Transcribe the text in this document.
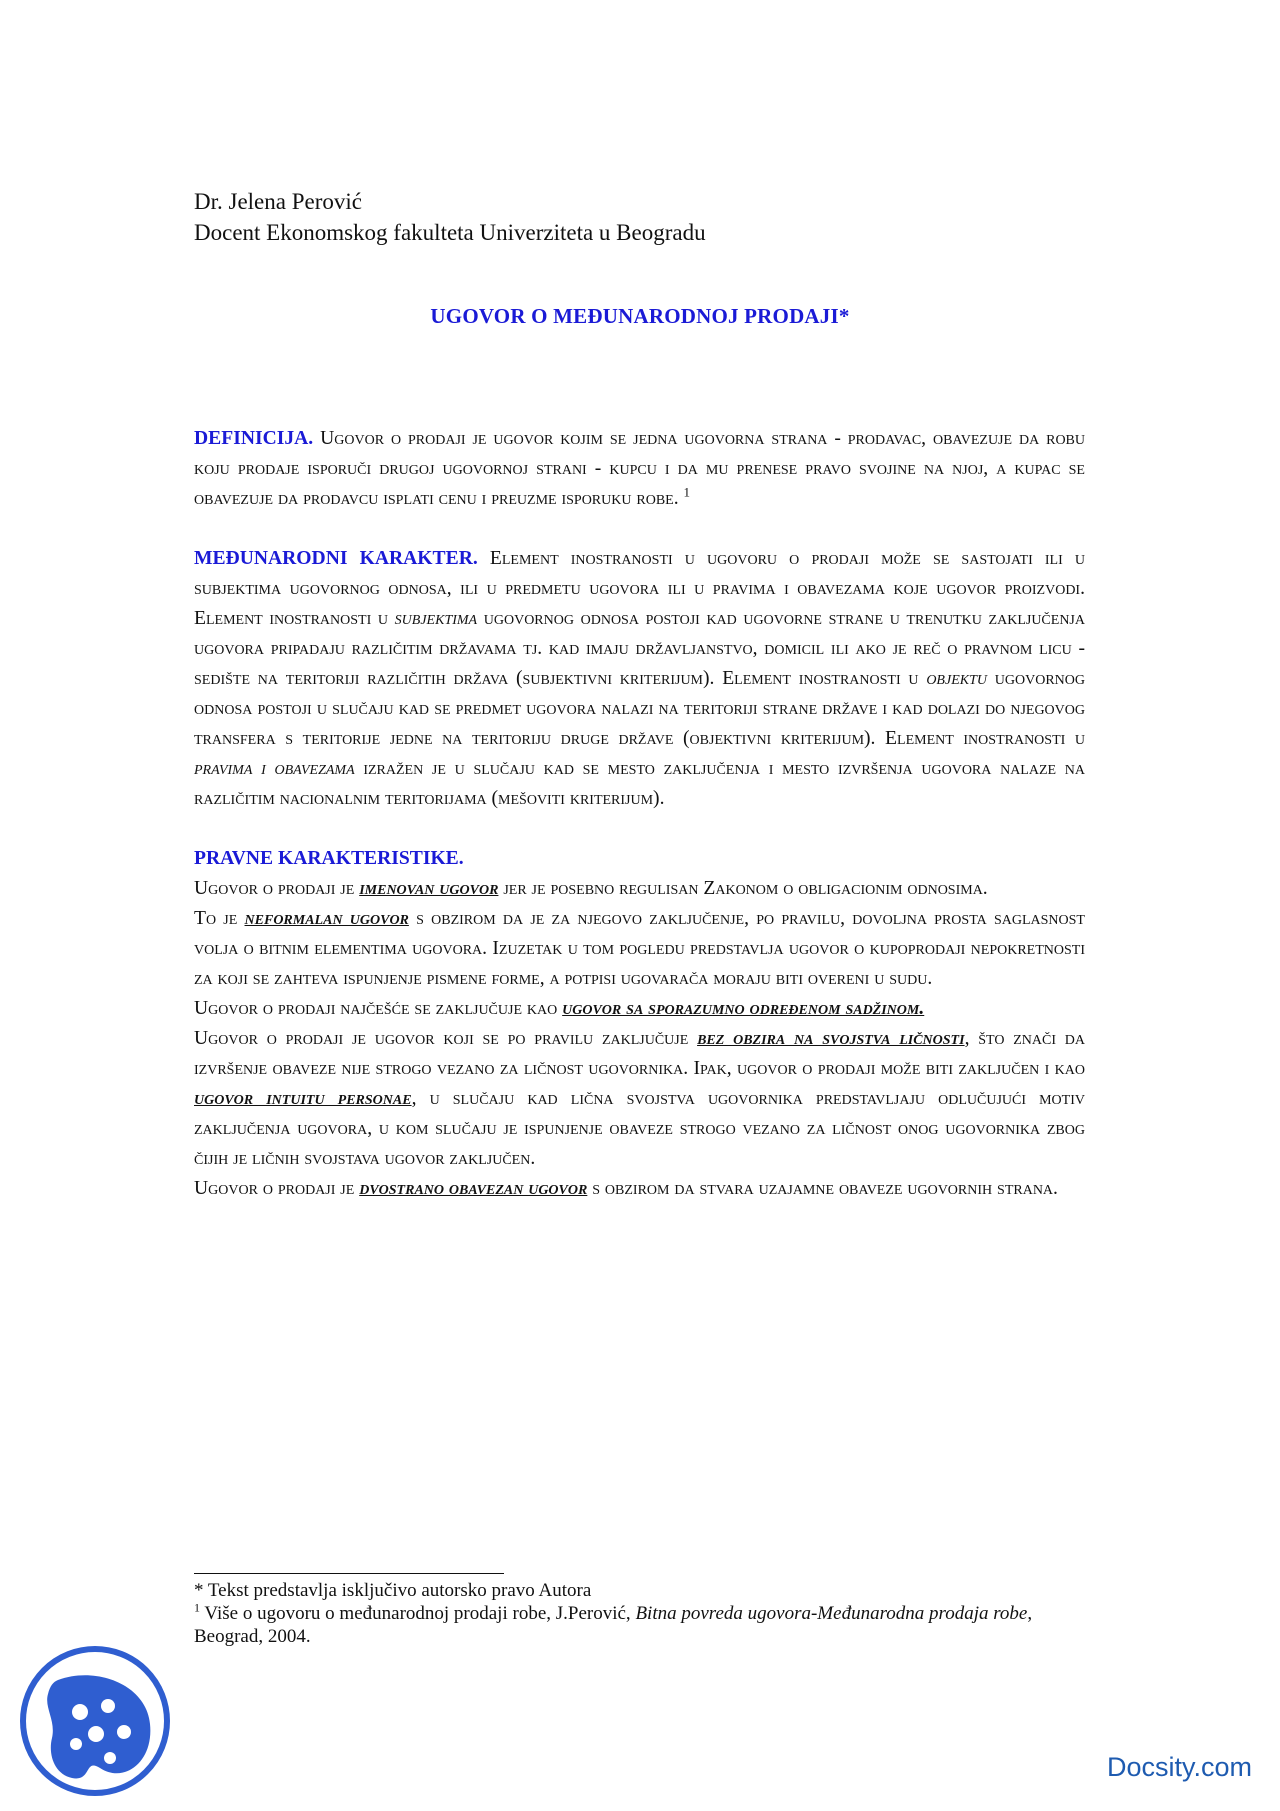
Dr. Jelena Perović
Docent Ekonomskog fakulteta Univerziteta u Beogradu
UGOVOR O MEĐUNARODNOJ PRODAJI*

DEFINICIJA. Ugovor o prodaji je ugovor kojim se jedna ugovorna strana - prodavac, obavezuje da robu koju prodaje isporuči drugoj ugovornoj strani - kupcu i da mu prenese pravo svojine na njoj, a kupac se obavezuje da prodavcu isplati cenu i preuzme isporuku robe. $^1$

MEĐUNARODNI KARAKTER. Element inostranosti u ugovoru o prodaji može se sastojati ili u subjektima ugovornog odnosa, ili u predmetu ugovora ili u pravima i obavezama koje ugovor proizvodi. Element inostranosti u subjektima ugovornog odnosa postoji kad ugovorne strane u trenutku zaključenja ugovora pripadaju različitim državama tj. kad imaju državljanstvo, domicil ili ako je reč o pravnom licu - sedište na teritoriji različitih država (subjektivni kriterijum). Element inostranosti u objektu ugovornog odnosa postoji u slučaju kad se predmet ugovora nalazi na teritoriji strane države i kad dolazi do njegovog transfera s teritorije jedne na teritoriju druge države (objektivni kriterijum). Element inostranosti u pravima i obavezama izražen je u slučaju kad se mesto zaključenja i mesto izvršenja ugovora nalaze na različitim nacionalnim teritorijama (mešoviti kriterijum).

PRAVNE KARAKTERISTIKE.

Ugovor o prodaji je imenovan ugovor jer je posebno regulisan Zakonom o obligacionim odnosima.

To je neformalan ugovor s obzirom da je za njegovo zaključenje, po pravilu, dovoljna prosta saglasnost volja o bitnim elementima ugovora. Izuzetak u tom pogledu predstavlja ugovor o kupoprodaji nepokretnosti za koji se zahteva ispunjenje pismene forme, a potpisi ugovarača moraju biti overeni u sudu.

Ugovor o prodaji najčešće se zaključuje kao ugovor sa sporazumno određenom sadžinom.

Ugovor o prodaji je ugovor koji se po pravilu zaključuje bez obzira na svojstva ličnosti, što znači da izvršenje obaveze nije strogo vezano za ličnost ugovornika. Ipak, ugovor o prodaji može biti zaključen i kao ugovor intuitu personae, u slučaju kad lična svojstva ugovornika predstavljaju odlučujući motiv zaključenja ugovora, u kom slučaju je ispunjenje obaveze strogo vezano za ličnost onog ugovornika zbog čijih je ličnih svojstava ugovor zaključen.

Ugovor o prodaji je dvostrano obavezan ugovor s obzirom da stvara uzajamne obaveze ugovornih strana.

* Tekst predstavlja isključivo autorsko pravo Autora
$^1$ Više o ugovoru o međunarodnoj prodaji robe, J.Perović, Bitna povreda ugovora-Međunarodna prodaja robe, Beograd, 2004.
Docsity.com
